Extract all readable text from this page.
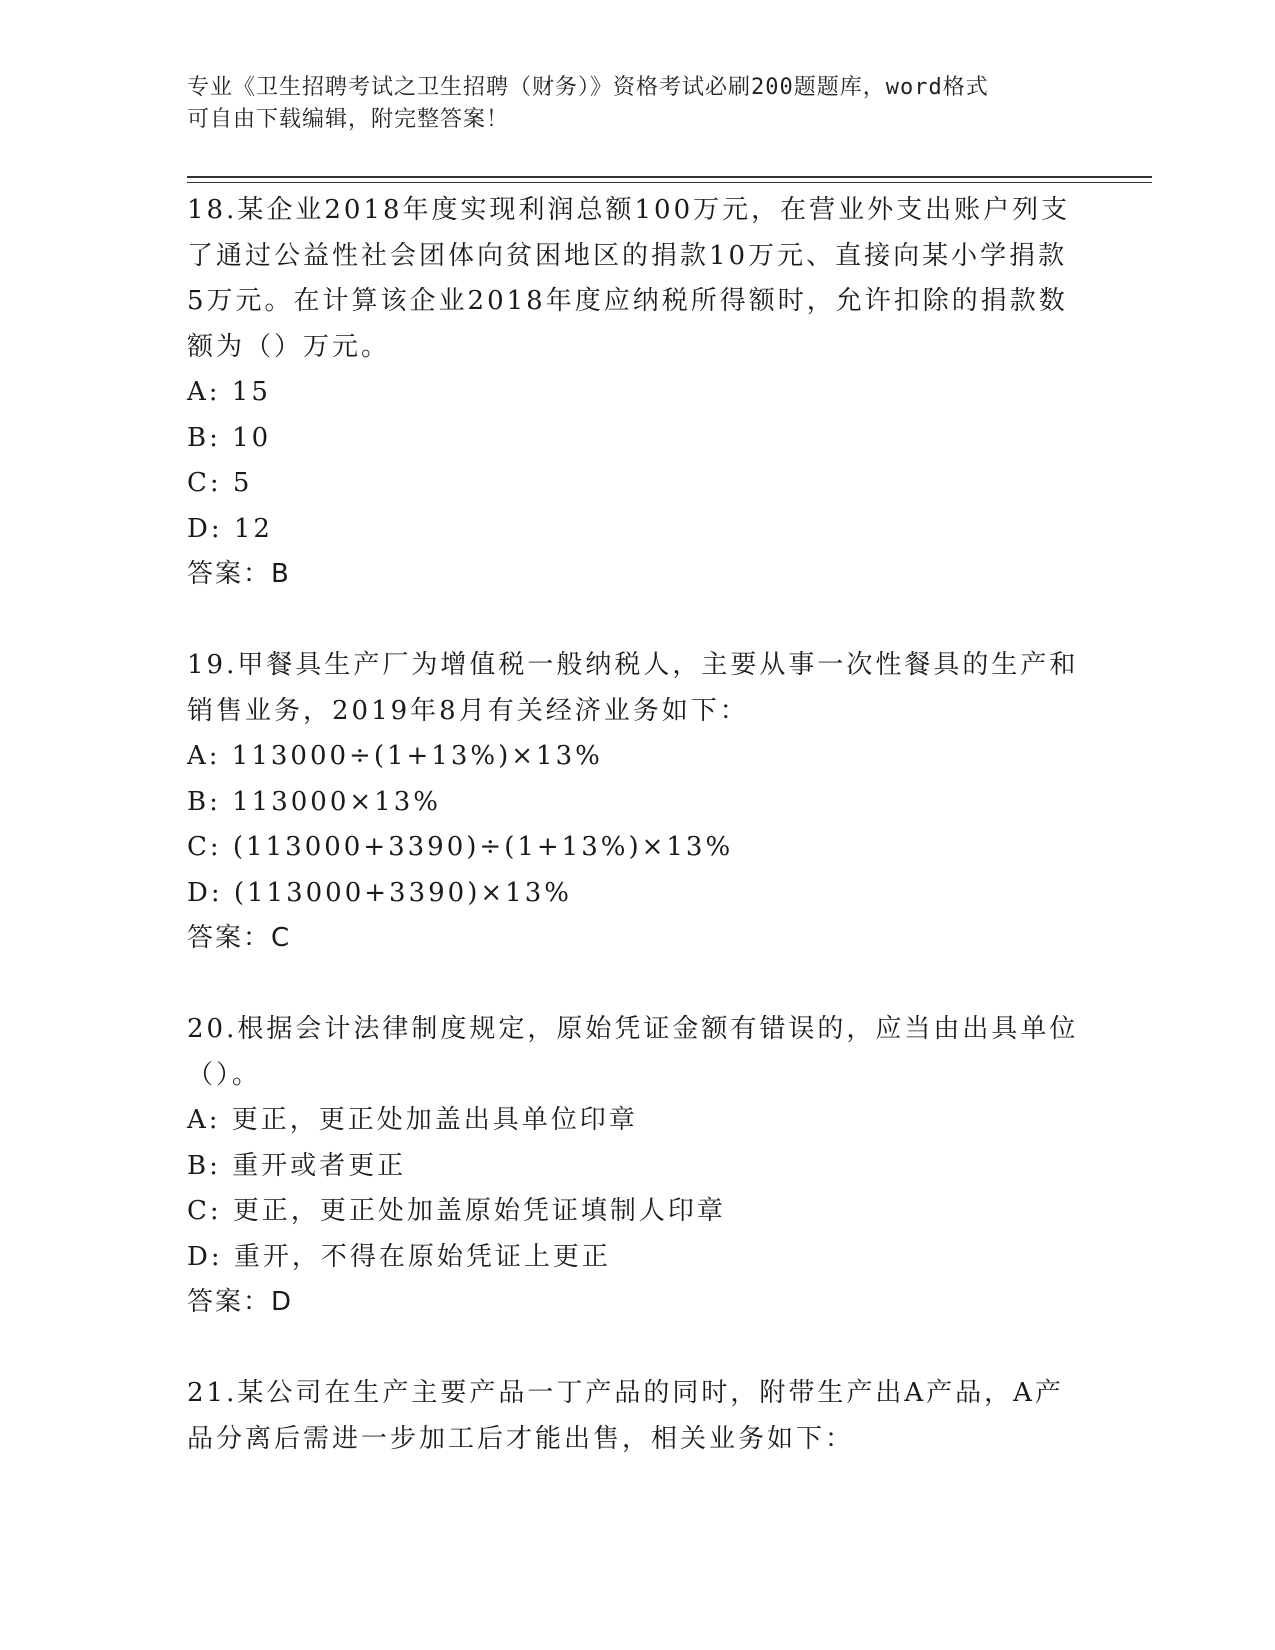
专业《卫生招聘考试之卫生招聘（财务）》资格考试必刷200题题库，word格式
可自由下载编辑，附完整答案！
18.某企业2018年度实现利润总额100万元，在营业外支出账户列支
了通过公益性社会团体向贫困地区的捐款10万元、直接向某小学捐款
5万元。在计算该企业2018年度应纳税所得额时，允许扣除的捐款数
额为（）万元。
A: 15
B: 10
C: 5
D: 12
答案：B
19.甲餐具生产厂为增值税一般纳税人，主要从事一次性餐具的生产和
销售业务，2019年8月有关经济业务如下：
A: 113000÷(1+13%)×13%
B: 113000×13%
C: (113000+3390)÷(1+13%)×13%
D: (113000+3390)×13%
答案：C
20.根据会计法律制度规定，原始凭证金额有错误的，应当由出具单位
（）。
A: 更正，更正处加盖出具单位印章
B: 重开或者更正
C: 更正，更正处加盖原始凭证填制人印章
D: 重开，不得在原始凭证上更正
答案：D
21.某公司在生产主要产品一丁产品的同时，附带生产出A产品，A产
品分离后需进一步加工后才能出售，相关业务如下：
